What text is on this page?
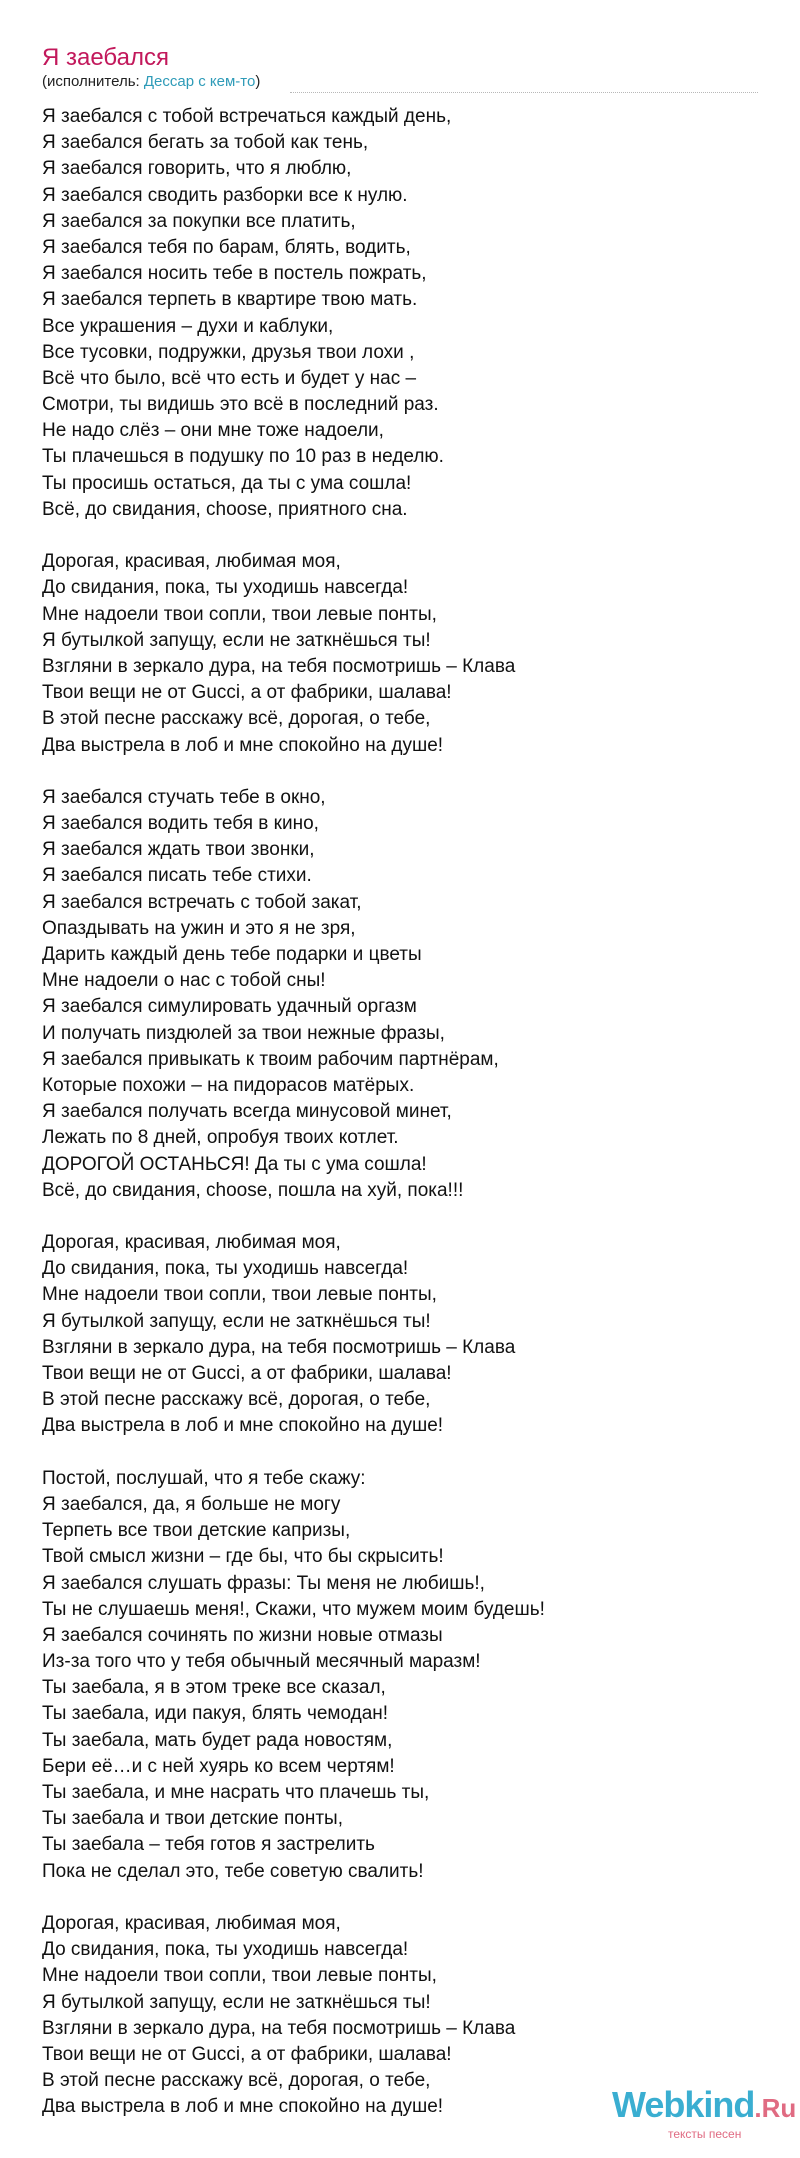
Я заебался
(исполнитель: Дессар с кем-то)
Я заебался с тобой встречаться каждый день,
Я заебался бегать за тобой как тень,
Я заебался говорить, что я люблю,
Я заебался сводить разборки все к нулю.
Я заебался за покупки все платить,
Я заебался тебя по барам, блять, водить,
Я заебался носить тебе в постель пожрать,
Я заебался терпеть в квартире твою мать.
Все украшения – духи и каблуки,
Все тусовки, подружки, друзья твои лохи ,
Всё что было, всё что есть и будет у нас –
Смотри, ты видишь это всё в последний раз.
Не надо слёз – они мне тоже надоели,
Ты плачешься в подушку по 10 раз в неделю.
Ты просишь остаться, да ты с ума сошла!
Всё, до свидания, choose, приятного сна.
Дорогая, красивая, любимая моя,
До свидания, пока, ты уходишь навсегда!
Мне надоели твои сопли, твои левые понты,
Я бутылкой запущу, если не заткнёшься ты!
Взгляни в зеркало дура, на тебя посмотришь – Клава
Твои вещи не от Gucci, а от фабрики, шалава!
В этой песне расскажу всё, дорогая, о тебе,
Два выстрела в лоб и мне спокойно на душе!
Я заебался стучать тебе в окно,
Я заебался водить тебя в кино,
Я заебался ждать твои звонки,
Я заебался писать тебе стихи.
Я заебался встречать с тобой закат,
Опаздывать на ужин и это я не зря,
Дарить каждый день тебе подарки и цветы
Мне надоели о нас с тобой сны!
Я заебался симулировать удачный оргазм
И получать пиздюлей за твои нежные фразы,
Я заебался привыкать к твоим рабочим партнёрам,
Которые похожи – на пидорасов матёрых.
Я заебался получать всегда минусовой минет,
Лежать по 8 дней, опробуя твоих котлет.
ДОРОГОЙ ОСТАНЬСЯ! Да ты с ума сошла!
Всё, до свидания, choose, пошла на хуй, пока!!!
Дорогая, красивая, любимая моя,
До свидания, пока, ты уходишь навсегда!
Мне надоели твои сопли, твои левые понты,
Я бутылкой запущу, если не заткнёшься ты!
Взгляни в зеркало дура, на тебя посмотришь – Клава
Твои вещи не от Gucci, а от фабрики, шалава!
В этой песне расскажу всё, дорогая, о тебе,
Два выстрела в лоб и мне спокойно на душе!
Постой, послушай, что я тебе скажу:
Я заебался, да, я больше не могу
Терпеть все твои детские капризы,
Твой смысл жизни – где бы, что бы скрысить!
Я заебался слушать фразы: Ты меня не любишь!,
Ты не слушаешь меня!, Скажи, что мужем моим будешь!
Я заебался сочинять по жизни новые отмазы
Из-за того что у тебя обычный месячный маразм!
Ты заебала, я в этом треке все сказал,
Ты заебала, иди пакуя, блять чемодан!
Ты заебала, мать будет рада новостям,
Бери её…и с ней хуярь ко всем чертям!
Ты заебала, и мне насрать что плачешь ты,
Ты заебала и твои детские понты,
Ты заебала – тебя готов я застрелить
Пока не сделал это, тебе советую свалить!
Дорогая, красивая, любимая моя,
До свидания, пока, ты уходишь навсегда!
Мне надоели твои сопли, твои левые понты,
Я бутылкой запущу, если не заткнёшься ты!
Взгляни в зеркало дура, на тебя посмотришь – Клава
Твои вещи не от Gucci, а от фабрики, шалава!
В этой песне расскажу всё, дорогая, о тебе,
Два выстрела в лоб и мне спокойно на душе!	Webkind.Ru
тексты песен
